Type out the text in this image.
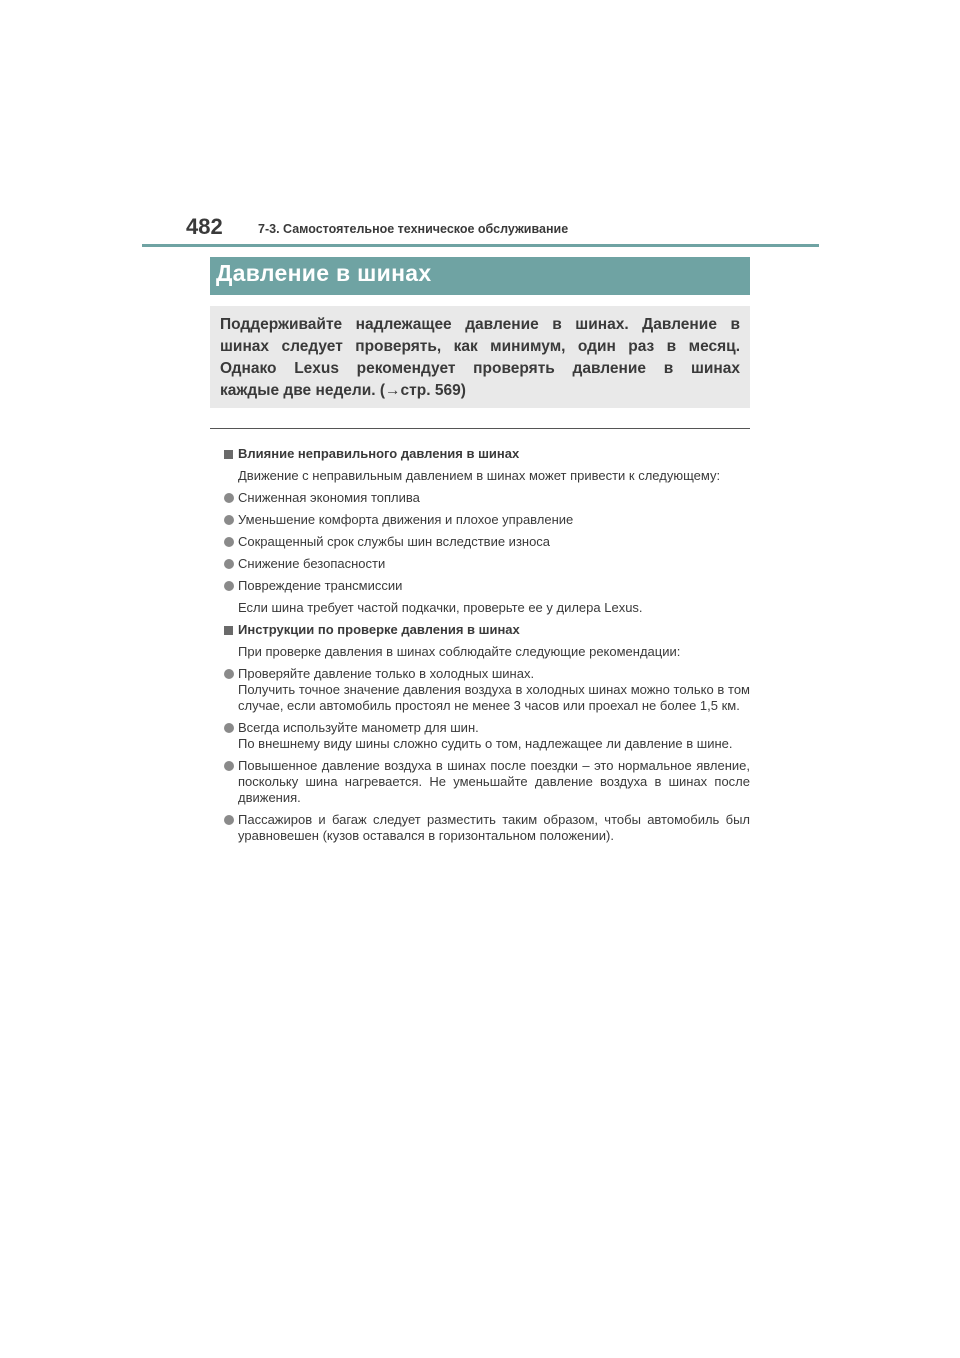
482	7-3. Самостоятельное техническое обслуживание
Давление в шинах
Поддерживайте надлежащее давление в шинах. Давление в
шинах следует проверять, как минимум, один раз в месяц.
Однако Lexus рекомендует проверять давление в шинах
каждые две недели. (→стр. 569)
Влияние неправильного давления в шинах
Движение с неправильным давлением в шинах может привести к следующему:
Сниженная экономия топлива
Уменьшение комфорта движения и плохое управление
Сокращенный срок службы шин вследствие износа
Снижение безопасности
Повреждение трансмиссии
Если шина требует частой подкачки, проверьте ее у дилера Lexus.
Инструкции по проверке давления в шинах
При проверке давления в шинах соблюдайте следующие рекомендации:
Проверяйте давление только в холодных шинах.
Получить точное значение давления воздуха в холодных шинах можно только в том случае, если автомобиль простоял не менее 3 часов или проехал не более 1,5 км.
Всегда используйте манометр для шин.
По внешнему виду шины сложно судить о том, надлежащее ли давление в шине.
Повышенное давление воздуха в шинах после поездки – это нормальное явление, поскольку шина нагревается. Не уменьшайте давление воздуха в шинах после движения.
Пассажиров и багаж следует разместить таким образом, чтобы автомобиль был уравновешен (кузов оставался в горизонтальном положении).
